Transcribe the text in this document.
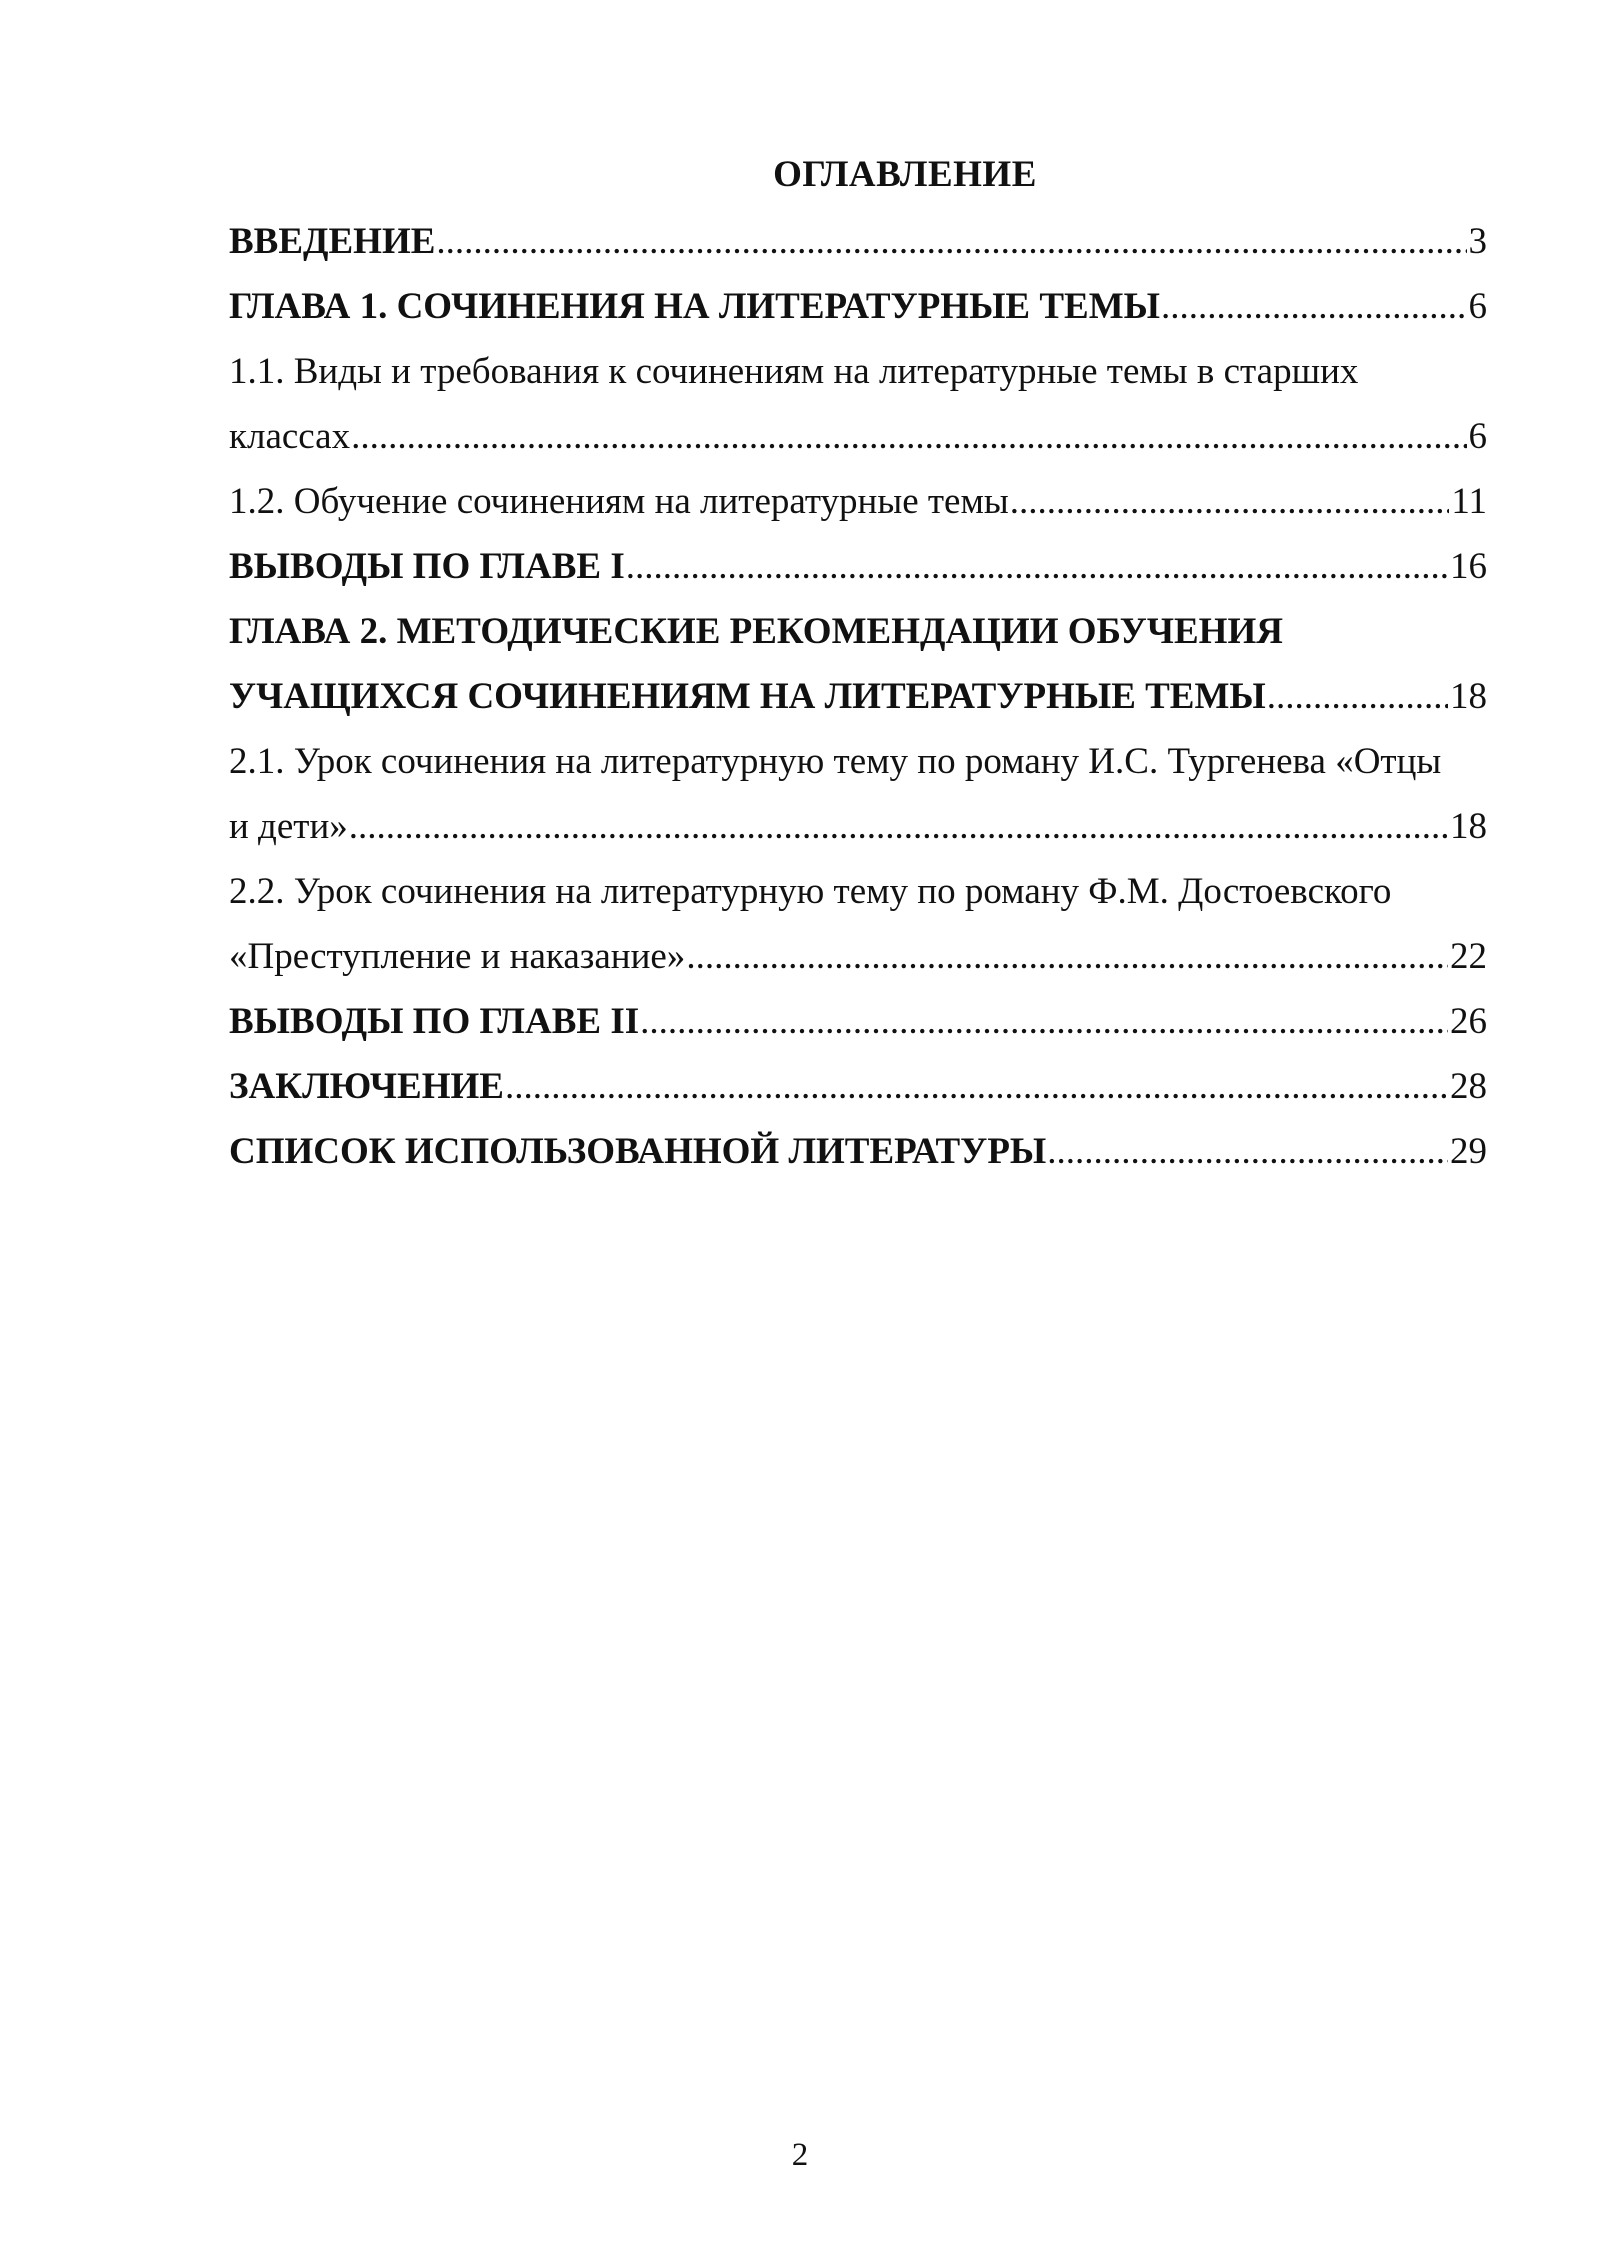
ОГЛАВЛЕНИЕ
ВВЕДЕНИЕ .....	3
ГЛАВА 1. СОЧИНЕНИЯ НА ЛИТЕРАТУРНЫЕ ТЕМЫ .....	6
1.1. Виды и требования к сочинениям на литературные темы в старших
классах .....	6
1.2. Обучение сочинениям на литературные темы .....	11
ВЫВОДЫ ПО ГЛАВЕ I .....	16
ГЛАВА 2. МЕТОДИЧЕСКИЕ РЕКОМЕНДАЦИИ ОБУЧЕНИЯ
УЧАЩИХСЯ СОЧИНЕНИЯМ НА ЛИТЕРАТУРНЫЕ ТЕМЫ .....	18
2.1. Урок сочинения на литературную тему по роману И.С. Тургенева «Отцы
и дети» .....	18
2.2. Урок сочинения на литературную тему по роману Ф.М. Достоевского
«Преступление и наказание» .....	22
ВЫВОДЫ ПО ГЛАВЕ II .....	26
ЗАКЛЮЧЕНИЕ .....	28
СПИСОК ИСПОЛЬЗОВАННОЙ ЛИТЕРАТУРЫ .....	29
2
